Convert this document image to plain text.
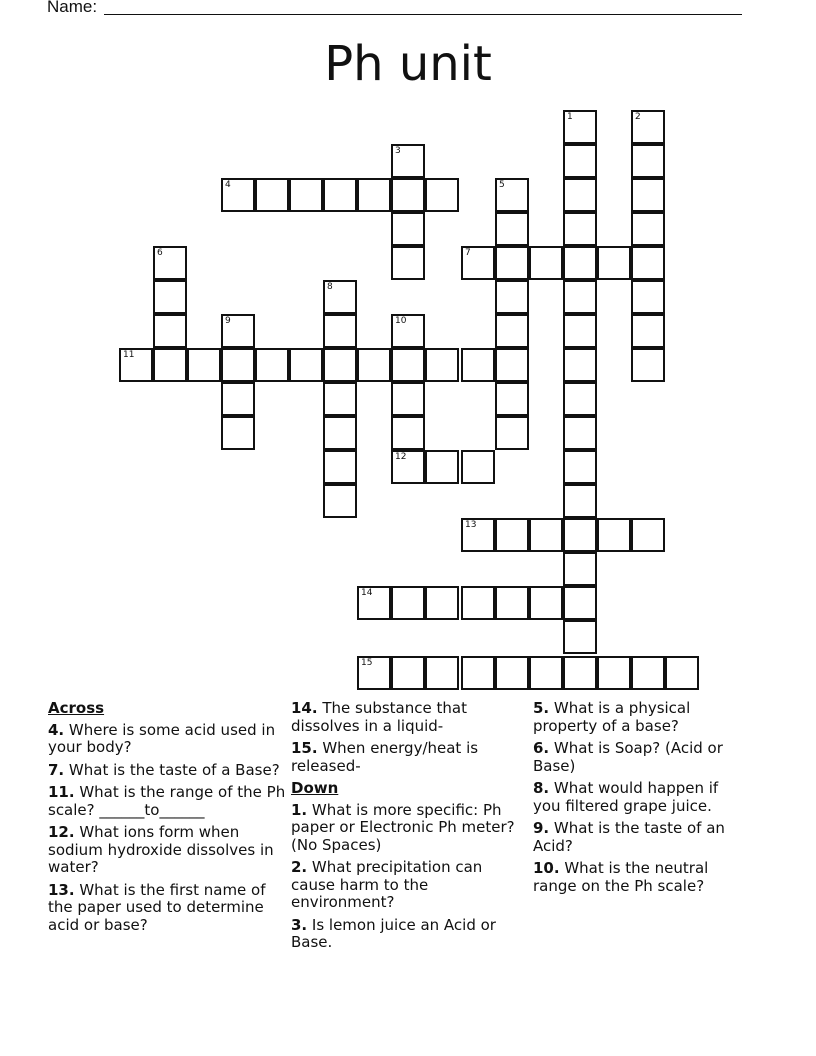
Name:
Ph unit
1	2
3
4	5
6	7
8
9	10
11
12
13
14
15
Across
4. Where is some acid used in your body?
7. What is the taste of a Base?
11. What is the range of the Ph scale? ______to______
12. What ions form when sodium hydroxide dissolves in water?
13. What is the first name of the paper used to determine acid or base?
14. The substance that dissolves in a liquid-
15. When energy/heat is released-
Down
1. What is more specific: Ph paper or Electronic Ph meter? (No Spaces)
2. What precipitation can cause harm to the environment?
3. Is lemon juice an Acid or Base.
5. What is a physical property of a base?
6. What is Soap? (Acid or Base)
8. What would happen if you filtered grape juice.
9. What is the taste of an Acid?
10. What is the neutral range on the Ph scale?
